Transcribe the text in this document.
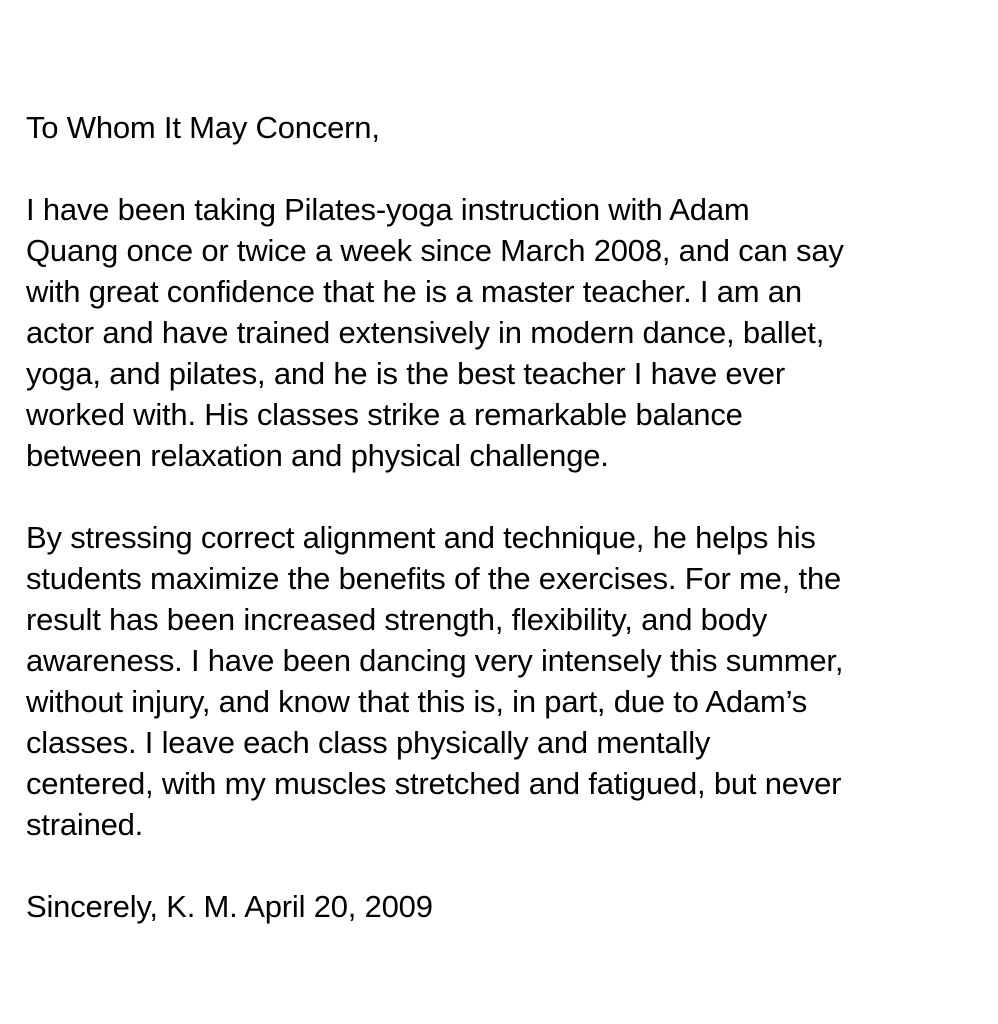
To Whom It May Concern,
I have been taking Pilates-yoga instruction with Adam
Quang once or twice a week since March 2008, and can say
with great confidence that he is a master teacher. I am an
actor and have trained extensively in modern dance, ballet,
yoga, and pilates, and he is the best teacher I have ever
worked with. His classes strike a remarkable balance
between relaxation and physical challenge.
By stressing correct alignment and technique, he helps his
students maximize the benefits of the exercises. For me, the
result has been increased strength, flexibility, and body
awareness. I have been dancing very intensely this summer,
without injury, and know that this is, in part, due to Adam’s
classes. I leave each class physically and mentally
centered, with my muscles stretched and fatigued, but never
strained.
Sincerely, K. M. April 20, 2009
